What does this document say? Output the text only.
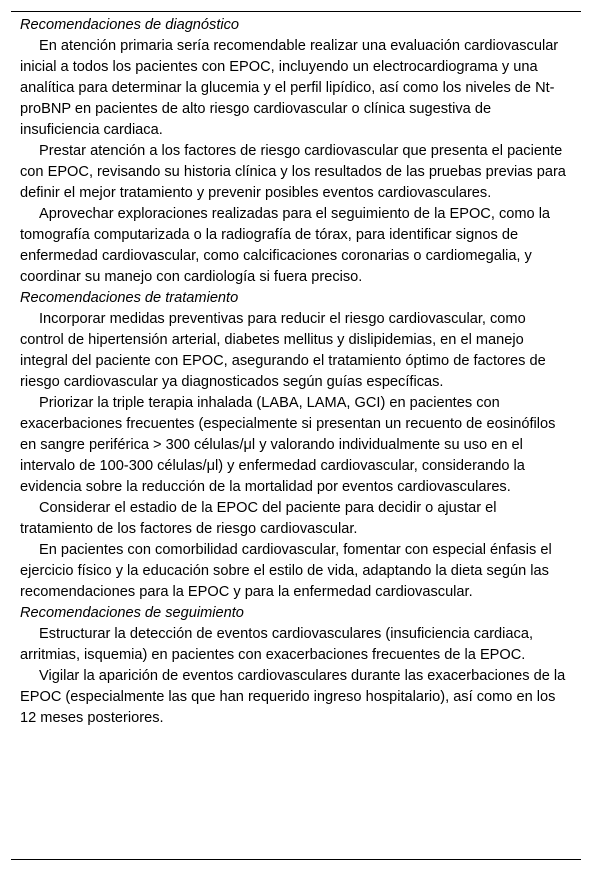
Recomendaciones de diagnóstico

En atención primaria sería recomendable realizar una evaluación cardiovascular inicial a todos los pacientes con EPOC, incluyendo un electrocardiograma y una analítica para determinar la glucemia y el perfil lipídico, así como los niveles de Nt-proBNP en pacientes de alto riesgo cardiovascular o clínica sugestiva de insuficiencia cardiaca.

Prestar atención a los factores de riesgo cardiovascular que presenta el paciente con EPOC, revisando su historia clínica y los resultados de las pruebas previas para definir el mejor tratamiento y prevenir posibles eventos cardiovasculares.

Aprovechar exploraciones realizadas para el seguimiento de la EPOC, como la tomografía computarizada o la radiografía de tórax, para identificar signos de enfermedad cardiovascular, como calcificaciones coronarias o cardiomegalia, y coordinar su manejo con cardiología si fuera preciso.

Recomendaciones de tratamiento

Incorporar medidas preventivas para reducir el riesgo cardiovascular, como control de hipertensión arterial, diabetes mellitus y dislipidemias, en el manejo integral del paciente con EPOC, asegurando el tratamiento óptimo de factores de riesgo cardiovascular ya diagnosticados según guías específicas.

Priorizar la triple terapia inhalada (LABA, LAMA, GCI) en pacientes con exacerbaciones frecuentes (especialmente si presentan un recuento de eosinófilos en sangre periférica > 300 células/μl y valorando individualmente su uso en el intervalo de 100-300 células/μl) y enfermedad cardiovascular, considerando la evidencia sobre la reducción de la mortalidad por eventos cardiovasculares.

Considerar el estadio de la EPOC del paciente para decidir o ajustar el tratamiento de los factores de riesgo cardiovascular.

En pacientes con comorbilidad cardiovascular, fomentar con especial énfasis el ejercicio físico y la educación sobre el estilo de vida, adaptando la dieta según las recomendaciones para la EPOC y para la enfermedad cardiovascular.

Recomendaciones de seguimiento

Estructurar la detección de eventos cardiovasculares (insuficiencia cardiaca, arritmias, isquemia) en pacientes con exacerbaciones frecuentes de la EPOC.

Vigilar la aparición de eventos cardiovasculares durante las exacerbaciones de la EPOC (especialmente las que han requerido ingreso hospitalario), así como en los 12 meses posteriores.
